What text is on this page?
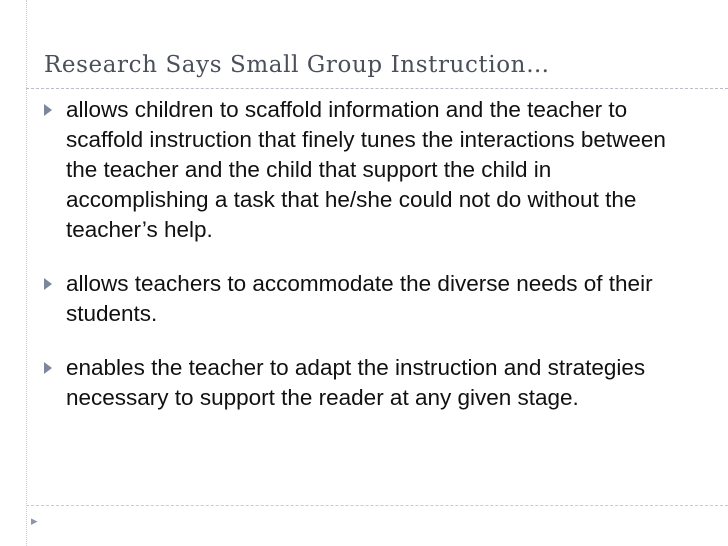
Research Says Small Group Instruction…
allows children to scaffold information and the teacher to scaffold instruction that finely tunes the interactions between the teacher and the child that support the child in accomplishing a task that he/she could not do without the teacher’s help.
allows teachers to accommodate the diverse needs of their students.
enables the teacher to adapt the instruction and strategies necessary to support the reader at any given stage.
▸
